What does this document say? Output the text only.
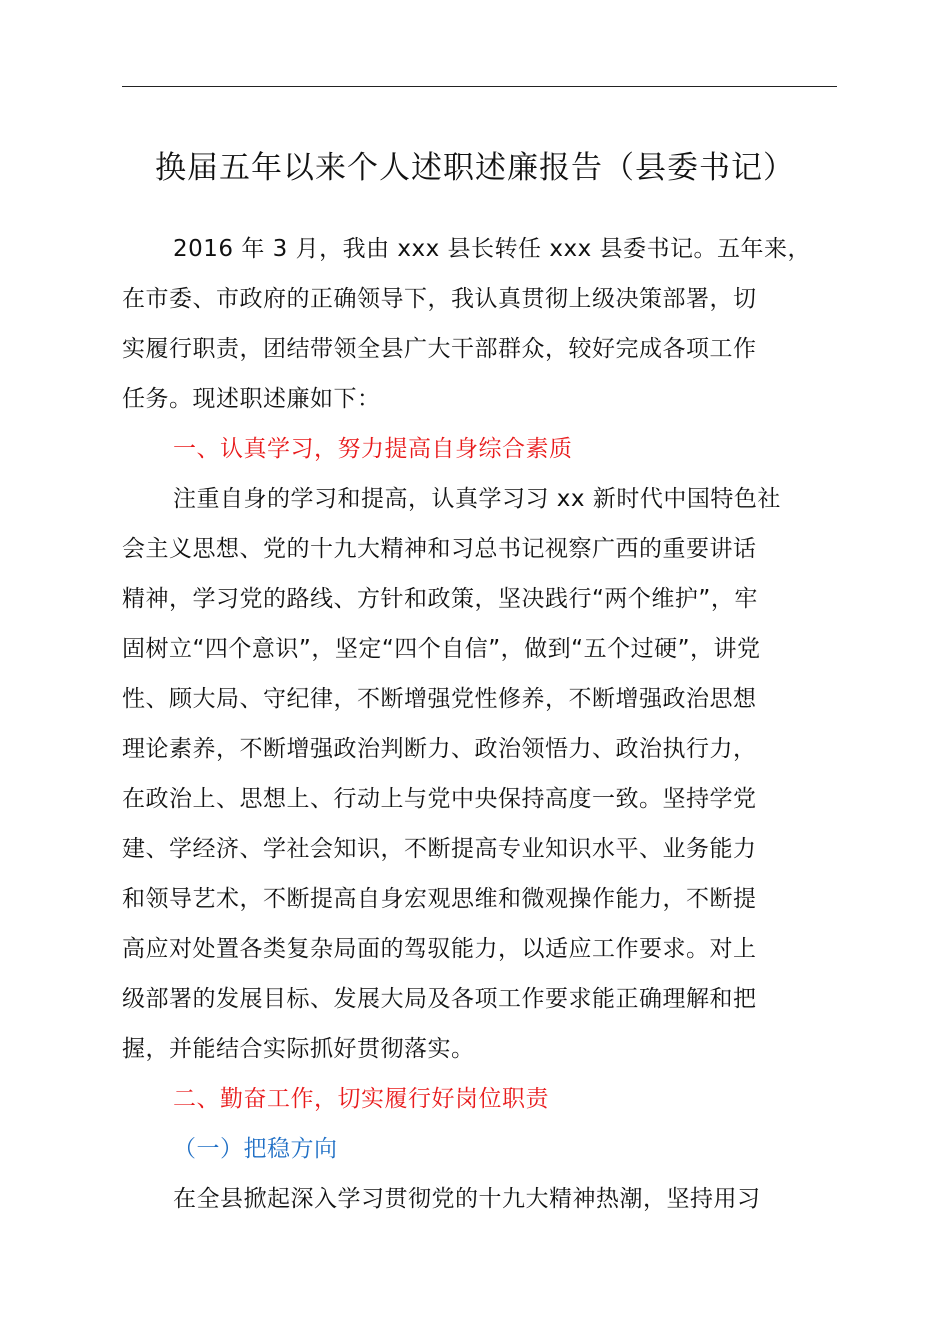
换届五年以来个人述职述廉报告（县委书记）
2016 年 3 月，我由 xxx 县长转任 xxx 县委书记。五年来，
在市委、市政府的正确领导下，我认真贯彻上级决策部署，切
实履行职责，团结带领全县广大干部群众，较好完成各项工作
任务。现述职述廉如下：
一、认真学习，努力提高自身综合素质
注重自身的学习和提高，认真学习习 xx 新时代中国特色社
会主义思想、党的十九大精神和习总书记视察广西的重要讲话
精神，学习党的路线、方针和政策，坚决践行“两个维护”，牢
固树立“四个意识”，坚定“四个自信”，做到“五个过硬”，讲党
性、顾大局、守纪律，不断增强党性修养，不断增强政治思想
理论素养，不断增强政治判断力、政治领悟力、政治执行力，
在政治上、思想上、行动上与党中央保持高度一致。坚持学党
建、学经济、学社会知识，不断提高专业知识水平、业务能力
和领导艺术，不断提高自身宏观思维和微观操作能力，不断提
高应对处置各类复杂局面的驾驭能力，以适应工作要求。对上
级部署的发展目标、发展大局及各项工作要求能正确理解和把
握，并能结合实际抓好贯彻落实。
二、勤奋工作，切实履行好岗位职责
（一）把稳方向
在全县掀起深入学习贯彻党的十九大精神热潮，坚持用习
